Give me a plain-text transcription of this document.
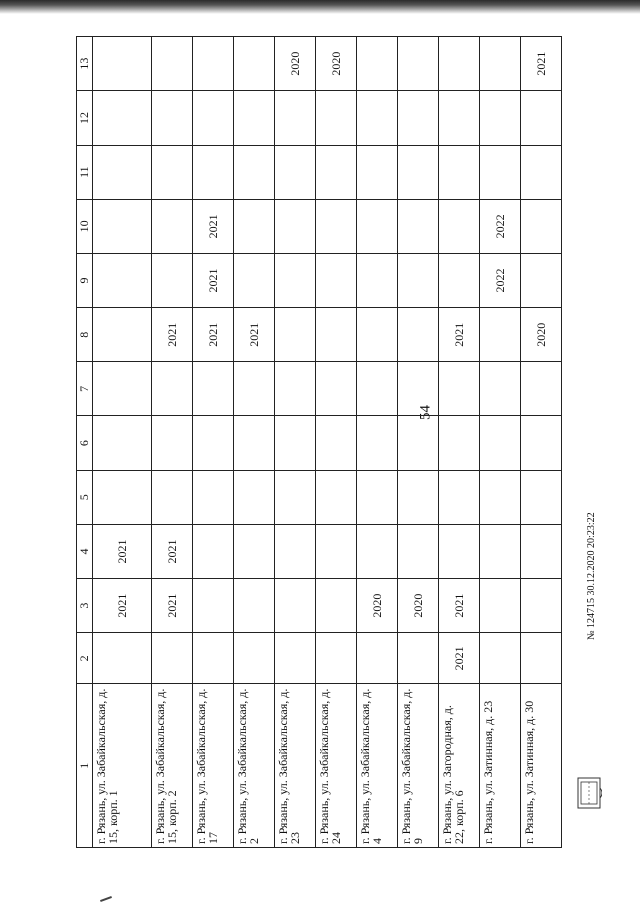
54
1	2	3	4	5	6	7	8	9	10	11	12	13
г. Рязань, ул. Забайкальская, д. 15, корп. 1		2021	2021									
г. Рязань, ул. Забайкальская, д. 15, корп. 2		2021	2021				2021					
г. Рязань, ул. Забайкальская, д. 17							2021	2021	2021			
г. Рязань, ул. Забайкальская, д. 2							2021					
г. Рязань, ул. Забайкальская, д. 23												2020
г. Рязань, ул. Забайкальская, д. 24												2020
г. Рязань, ул. Забайкальская, д. 4		2020										
г. Рязань, ул. Забайкальская, д. 9		2020										
г. Рязань, ул. Загородная, д. 22, корп. 6	2021	2021					2021					
г. Рязань, ул. Затинная, д. 23								2022	2022			
г. Рязань, ул. Затинная, д. 30							2020					2021
№ 124715 30.12.2020 20:23:22
